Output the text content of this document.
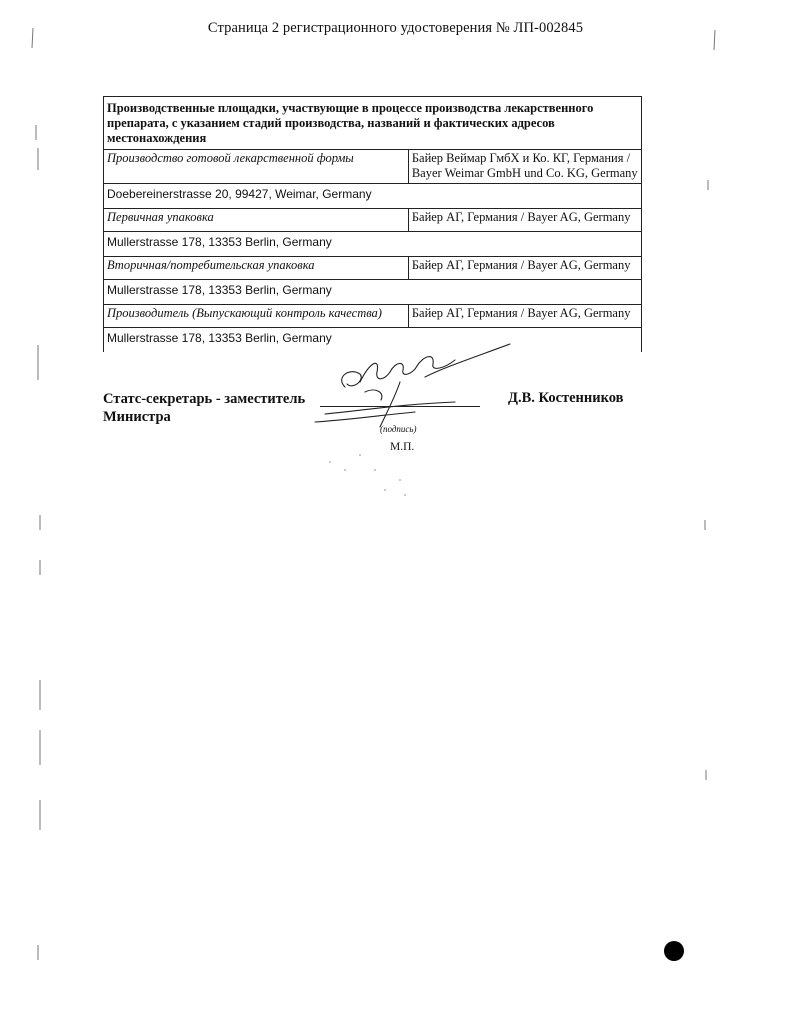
Страница 2 регистрационного удостоверения № ЛП-002845
Производственные площадки, участвующие в процессе производства лекарственного препарата, с указанием стадий производства, названий и фактических адресов местонахождения	
Производство готовой лекарственной формы	Байер Веймар ГмбХ и Ко. КГ, Германия / Bayer Weimar GmbH und Co. KG, Germany
Doebereinerstrasse 20, 99427, Weimar, Germany	
Первичная упаковка	Байер АГ, Германия / Bayer AG, Germany
Mullerstrasse 178, 13353 Berlin, Germany	
Вторичная/потребительская упаковка	Байер АГ, Германия / Bayer AG, Germany
Mullerstrasse 178, 13353 Berlin, Germany	
Производитель (Выпускающий контроль качества)	Байер АГ, Германия / Bayer AG, Germany
Mullerstrasse 178, 13353 Berlin, Germany	
Статс-секретарь - заместитель
Министра
(подпись)
М.П.
Д.В. Костенников
